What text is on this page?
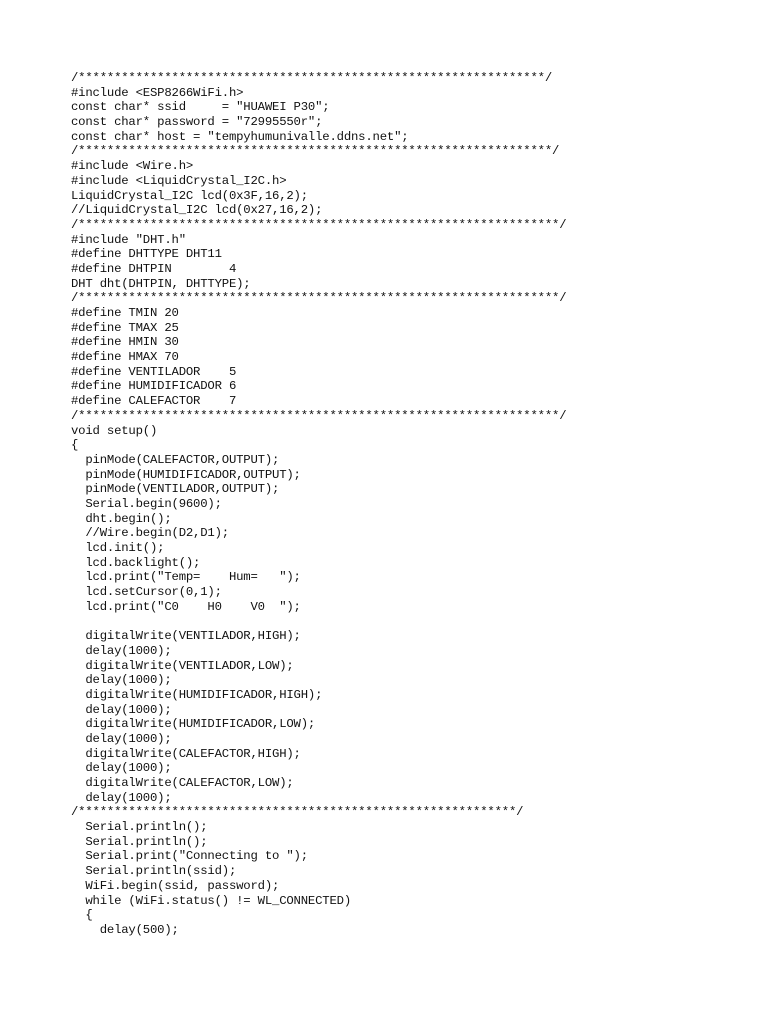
/*****************************************************************/
#include <ESP8266WiFi.h>
const char* ssid     = "HUAWEI P30";
const char* password = "72995550r";
const char* host = "tempyhumunivalle.ddns.net";
/******************************************************************/
#include <Wire.h>
#include <LiquidCrystal_I2C.h>
LiquidCrystal_I2C lcd(0x3F,16,2);
//LiquidCrystal_I2C lcd(0x27,16,2);
/*******************************************************************/
#include "DHT.h"
#define DHTTYPE DHT11
#define DHTPIN        4
DHT dht(DHTPIN, DHTTYPE);
/*******************************************************************/
#define TMIN 20
#define TMAX 25
#define HMIN 30
#define HMAX 70
#define VENTILADOR    5
#define HUMIDIFICADOR 6
#define CALEFACTOR    7
/*******************************************************************/
void setup()
{
pinMode(CALEFACTOR,OUTPUT);
pinMode(HUMIDIFICADOR,OUTPUT);
pinMode(VENTILADOR,OUTPUT);
Serial.begin(9600);
dht.begin();
//Wire.begin(D2,D1);
lcd.init();
lcd.backlight();
lcd.print("Temp=    Hum=   ");
lcd.setCursor(0,1);
lcd.print("C0    H0    V0  ");
digitalWrite(VENTILADOR,HIGH);
delay(1000);
digitalWrite(VENTILADOR,LOW);
delay(1000);
digitalWrite(HUMIDIFICADOR,HIGH);
delay(1000);
digitalWrite(HUMIDIFICADOR,LOW);
delay(1000);
digitalWrite(CALEFACTOR,HIGH);
delay(1000);
digitalWrite(CALEFACTOR,LOW);
delay(1000);
/*************************************************************/
Serial.println();
Serial.println();
Serial.print("Connecting to ");
Serial.println(ssid);
WiFi.begin(ssid, password);
while (WiFi.status() != WL_CONNECTED)
{
delay(500);
